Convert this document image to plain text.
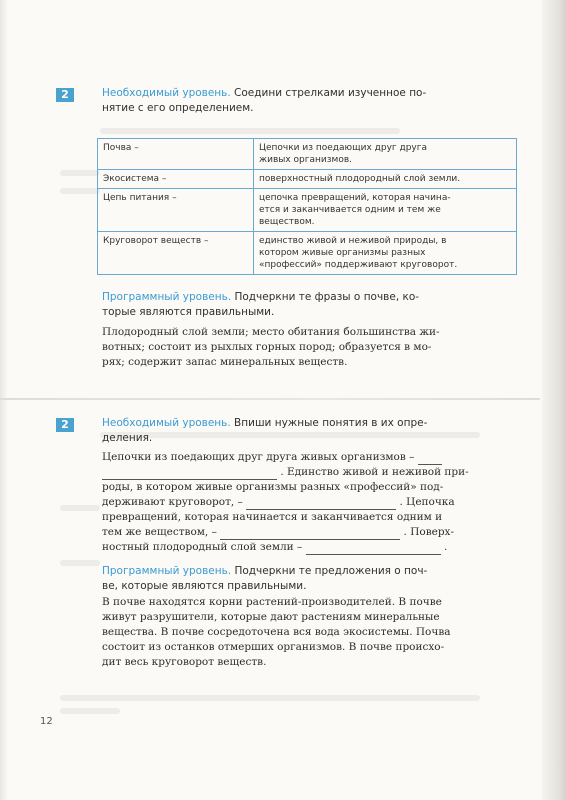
2	Необходимый уровень. Соедини стрелками изученное по-
нятие с его определением.
Почва –	Цепочки из поедающих друг друга
живых организмов.
Экосистема –	поверхностный плодородный слой земли.
Цепь питания –	цепочка превращений, которая начина-
ется и заканчивается одним и тем же
веществом.
Круговорот веществ –	единство живой и неживой природы, в
котором живые организмы разных
«профессий» поддерживают круговорот.
Программный уровень. Подчеркни те фразы о почве, ко-
торые являются правильными.
Плодородный слой земли; место обитания большинства жи-
вотных; состоит из рыхлых горных пород; образуется в мо-
рях; содержит запас минеральных веществ.
2	Необходимый уровень. Впиши нужные понятия в их опре-
деления.
Цепочки из поедающих друг друга живых организмов –
. Единство живой и неживой при-
роды, в котором живые организмы разных «профессий» под-
держивают круговорот, –	. Цепочка
превращений, которая начинается и заканчивается одним и
тем же веществом, –	. Поверх-
ностный плодородный слой земли –	.
Программный уровень. Подчеркни те предложения о поч-
ве, которые являются правильными.
В почве находятся корни растений-производителей. В почве
живут разрушители, которые дают растениям минеральные
вещества. В почве сосредоточена вся вода экосистемы. Почва
состоит из останков отмерших организмов. В почве происхо-
дит весь круговорот веществ.
12
